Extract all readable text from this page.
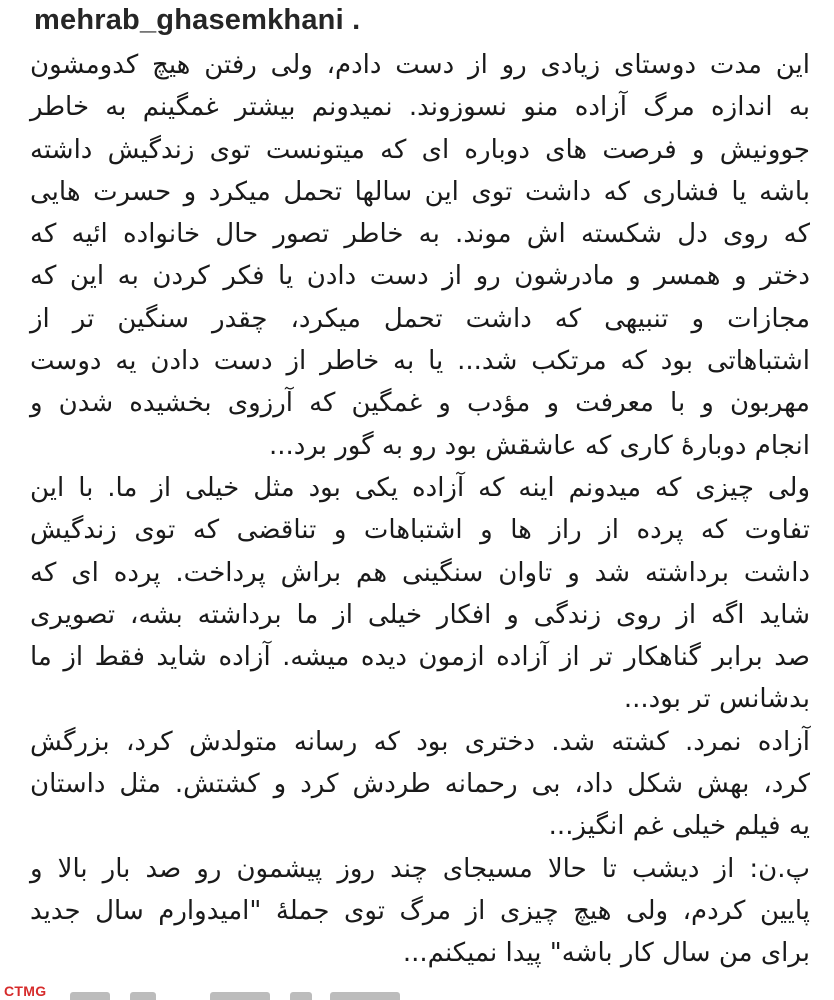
mehrab_ghasemkhani .
این مدت دوستای زیادی رو از دست دادم، ولی رفتن هیچ کدومشون
به اندازه مرگ آزاده منو نسوزوند. نمیدونم بیشتر غمگینم به خاطر
جوونیش و فرصت های دوباره ای که میتونست توی زندگیش داشته
باشه یا فشاری که داشت توی این سالها تحمل میکرد و حسرت هایی
که روی دل شکسته اش موند. به خاطر تصور حال خانواده ائیه که
دختر و همسر و مادرشون رو از دست دادن یا فکر کردن به این که
مجازات و تنبیهی که داشت تحمل میکرد، چقدر سنگین تر از
اشتباهاتی بود که مرتکب شد... یا به خاطر از دست دادن یه دوست
مهربون و با معرفت و مؤدب و غمگین که آرزوی بخشیده شدن و
انجام دوبارهٔ کاری که عاشقش بود رو به گور برد...
ولی چیزی که میدونم اینه که آزاده یکی بود مثل خیلی از ما. با این
تفاوت که پرده از راز ها و اشتباهات و تناقضی که توی زندگیش
داشت برداشته شد و تاوان سنگینی هم براش پرداخت. پرده ای که
شاید اگه از روی زندگی و افکار خیلی از ما برداشته بشه، تصویری
صد برابر گناهکار تر از آزاده ازمون دیده میشه. آزاده شاید فقط از ما
بدشانس تر بود...
آزاده نمرد. کشته شد. دختری بود که رسانه متولدش کرد، بزرگش
کرد، بهش شکل داد، بی رحمانه طردش کرد و کشتش. مثل داستان
یه فیلم خیلی غم انگیز...
پ.ن: از دیشب تا حالا مسیجای چند روز پیشمون رو صد بار بالا و
پایین کردم، ولی هیچ چیزی از مرگ توی جملهٔ "امیدوارم سال جدید
برای من سال کار باشه" پیدا نمیکنم...
CTMG
